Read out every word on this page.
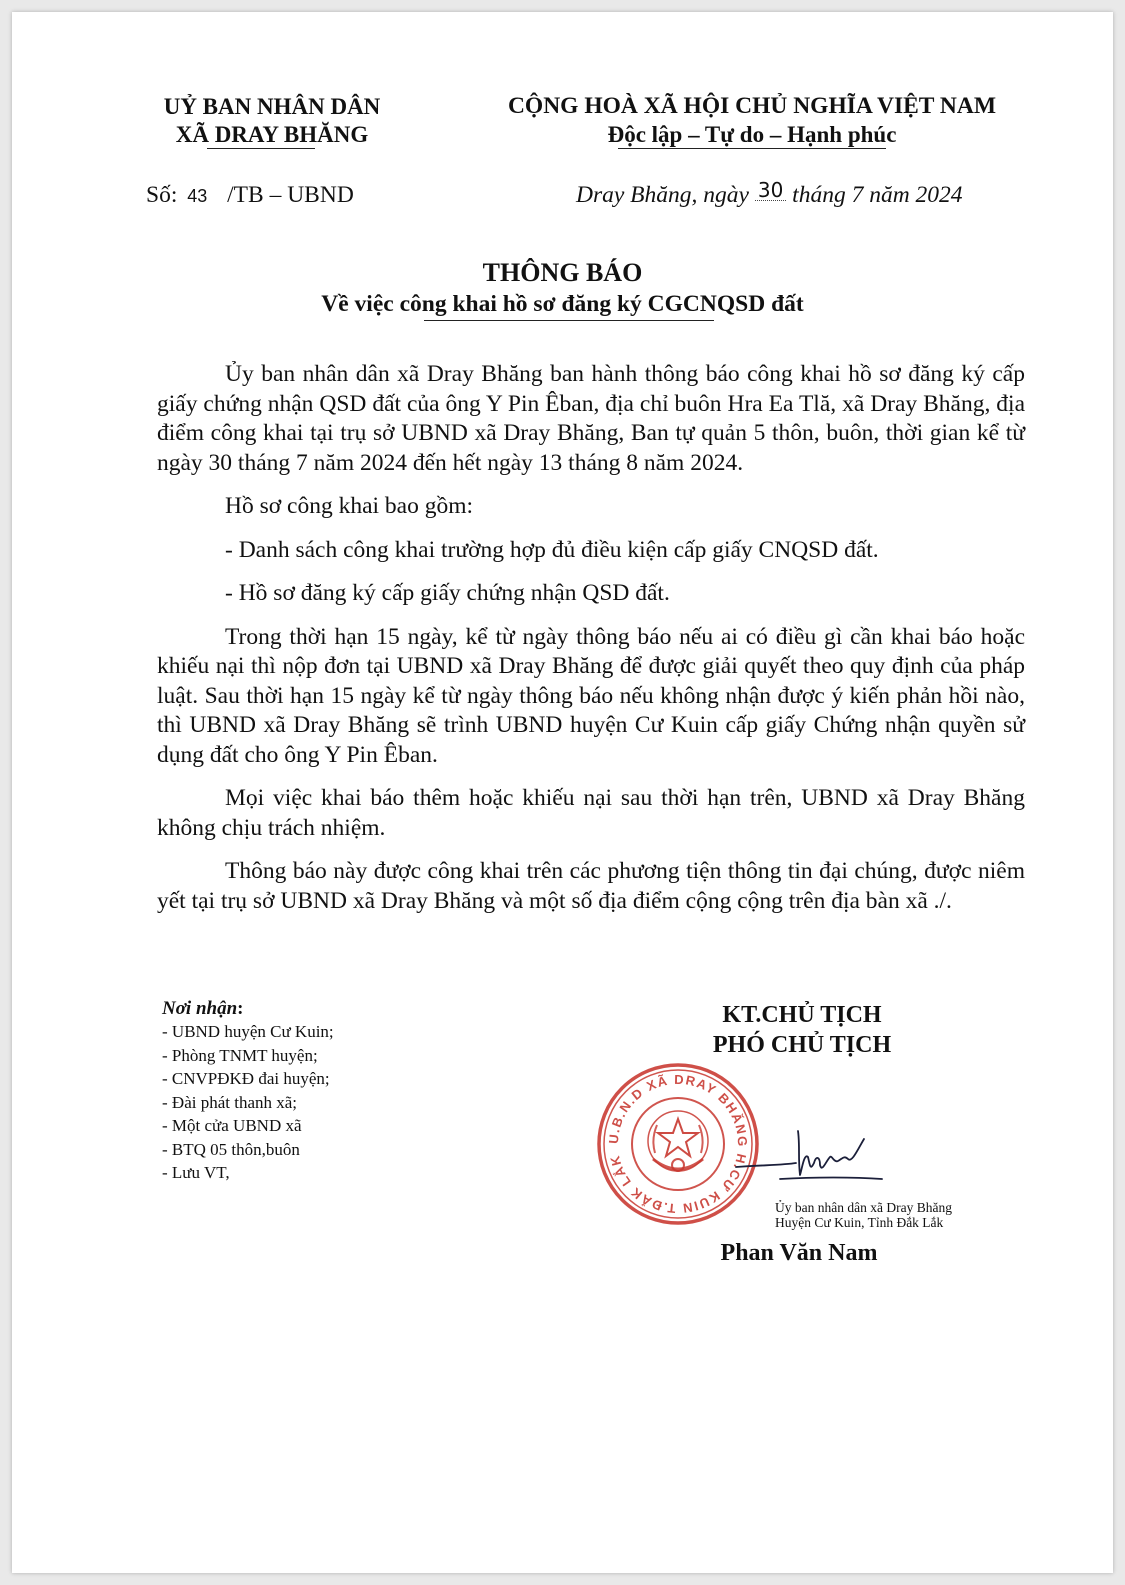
UỶ BAN NHÂN DÂN
XÃ DRAY BHĂNG
CỘNG HOÀ XÃ HỘI CHỦ NGHĨA VIỆT NAM
Độc lập – Tự do – Hạnh phúc
Số: 43 /TB – UBND	Dray Bhăng, ngày 30 tháng 7 năm 2024
THÔNG BÁO
Về việc công khai hồ sơ đăng ký CGCNQSD đất

Ủy ban nhân dân xã Dray Bhăng ban hành thông báo công khai hồ sơ đăng ký cấp giấy chứng nhận QSD đất của ông Y Pin Êban, địa chỉ buôn Hra Ea Tlă, xã Dray Bhăng, địa điểm công khai tại trụ sở UBND xã Dray Bhăng, Ban tự quản 5 thôn, buôn, thời gian kể từ ngày 30 tháng 7 năm 2024 đến hết ngày 13 tháng 8 năm 2024.

Hồ sơ công khai bao gồm:

- Danh sách công khai trường hợp đủ điều kiện cấp giấy CNQSD đất.

- Hồ sơ đăng ký cấp giấy chứng nhận QSD đất.

Trong thời hạn 15 ngày, kể từ ngày thông báo nếu ai có điều gì cần khai báo hoặc khiếu nại thì nộp đơn tại UBND xã Dray Bhăng để được giải quyết theo quy định của pháp luật. Sau thời hạn 15 ngày kể từ ngày thông báo nếu không nhận được ý kiến phản hồi nào, thì UBND xã Dray Bhăng sẽ trình UBND huyện Cư Kuin cấp giấy Chứng nhận quyền sử dụng đất cho ông Y Pin Êban.

Mọi việc khai báo thêm hoặc khiếu nại sau thời hạn trên, UBND xã Dray Bhăng không chịu trách nhiệm.

Thông báo này được công khai trên các phương tiện thông tin đại chúng, được niêm yết tại trụ sở UBND xã Dray Bhăng và một số địa điểm cộng cộng trên địa bàn xã ./.

Nơi nhận:
- UBND huyện Cư Kuin;
- Phòng TNMT huyện;
- CNVPĐKĐ đai huyện;
- Đài phát thanh xã;
- Một cửa UBND xã
- BTQ 05 thôn,buôn
- Lưu VT,
KT.CHỦ TỊCH
PHÓ CHỦ TỊCH
U.B.N.D XÃ DRAY BHĂNG H.CƯ KUIN T.ĐẮK LẮK
Ủy ban nhân dân xã Dray Bhăng
Huyện Cư Kuin, Tỉnh Đắk Lắk
Phan Văn Nam
